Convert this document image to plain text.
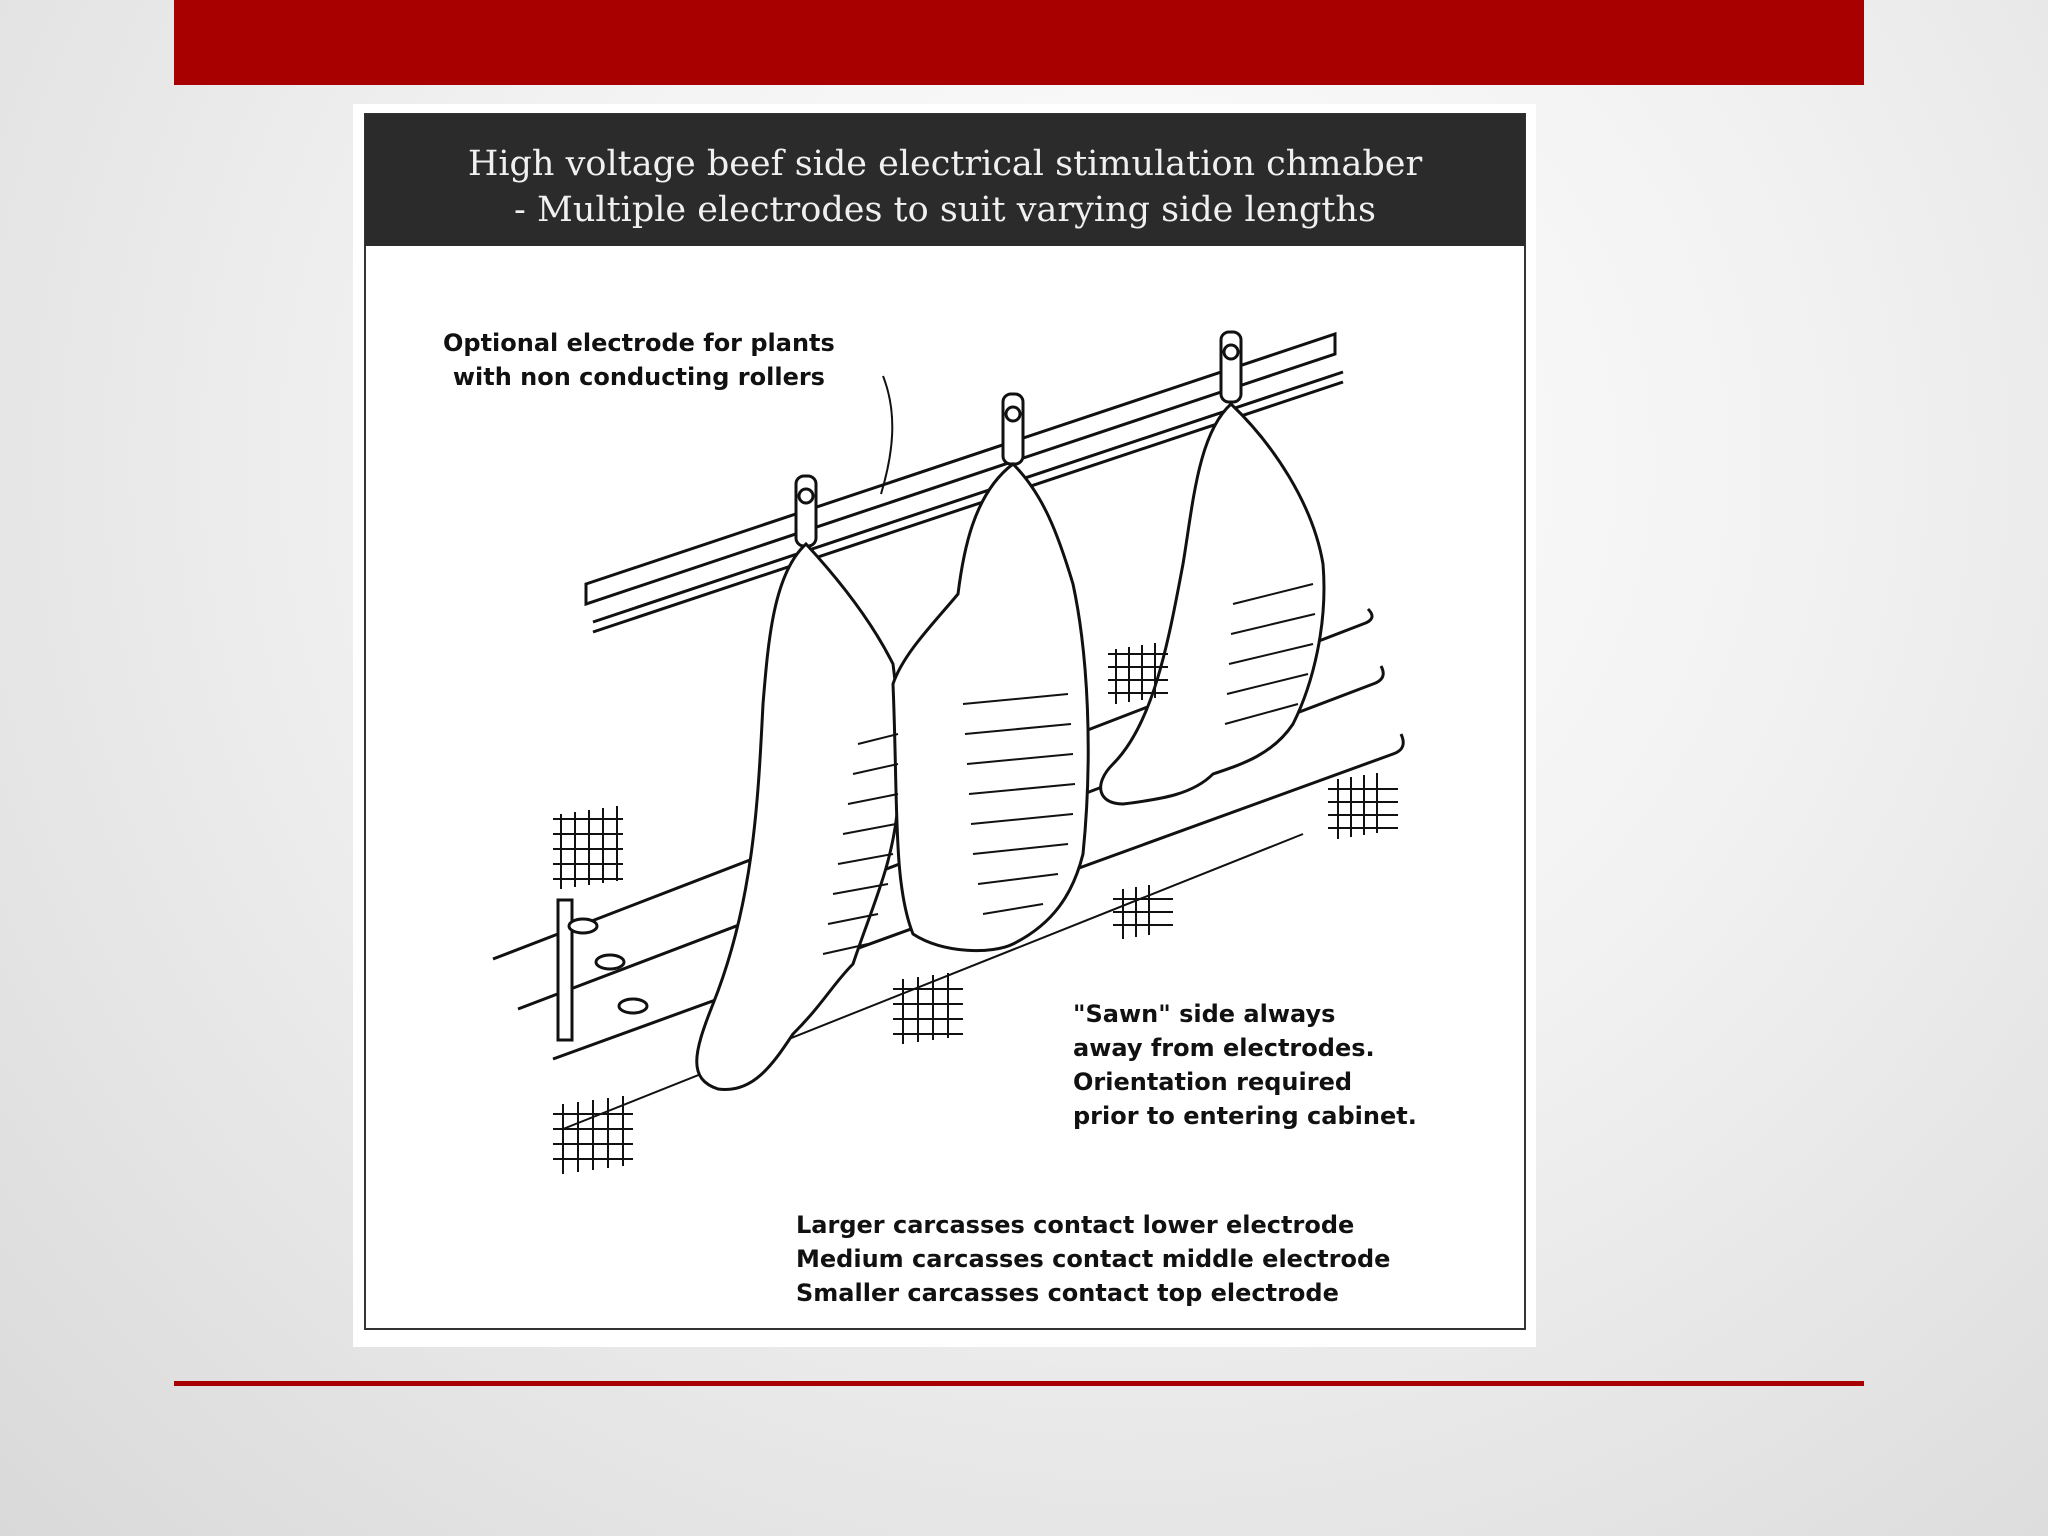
High voltage beef side electrical stimulation chmaber
- Multiple electrodes to suit varying side lengths
Optional electrode for plants
with non conducting rollers
"Sawn" side always
away from electrodes.
Orientation required
prior to entering cabinet.
Larger carcasses contact lower electrode
Medium carcasses contact middle electrode
Smaller carcasses contact top electrode
